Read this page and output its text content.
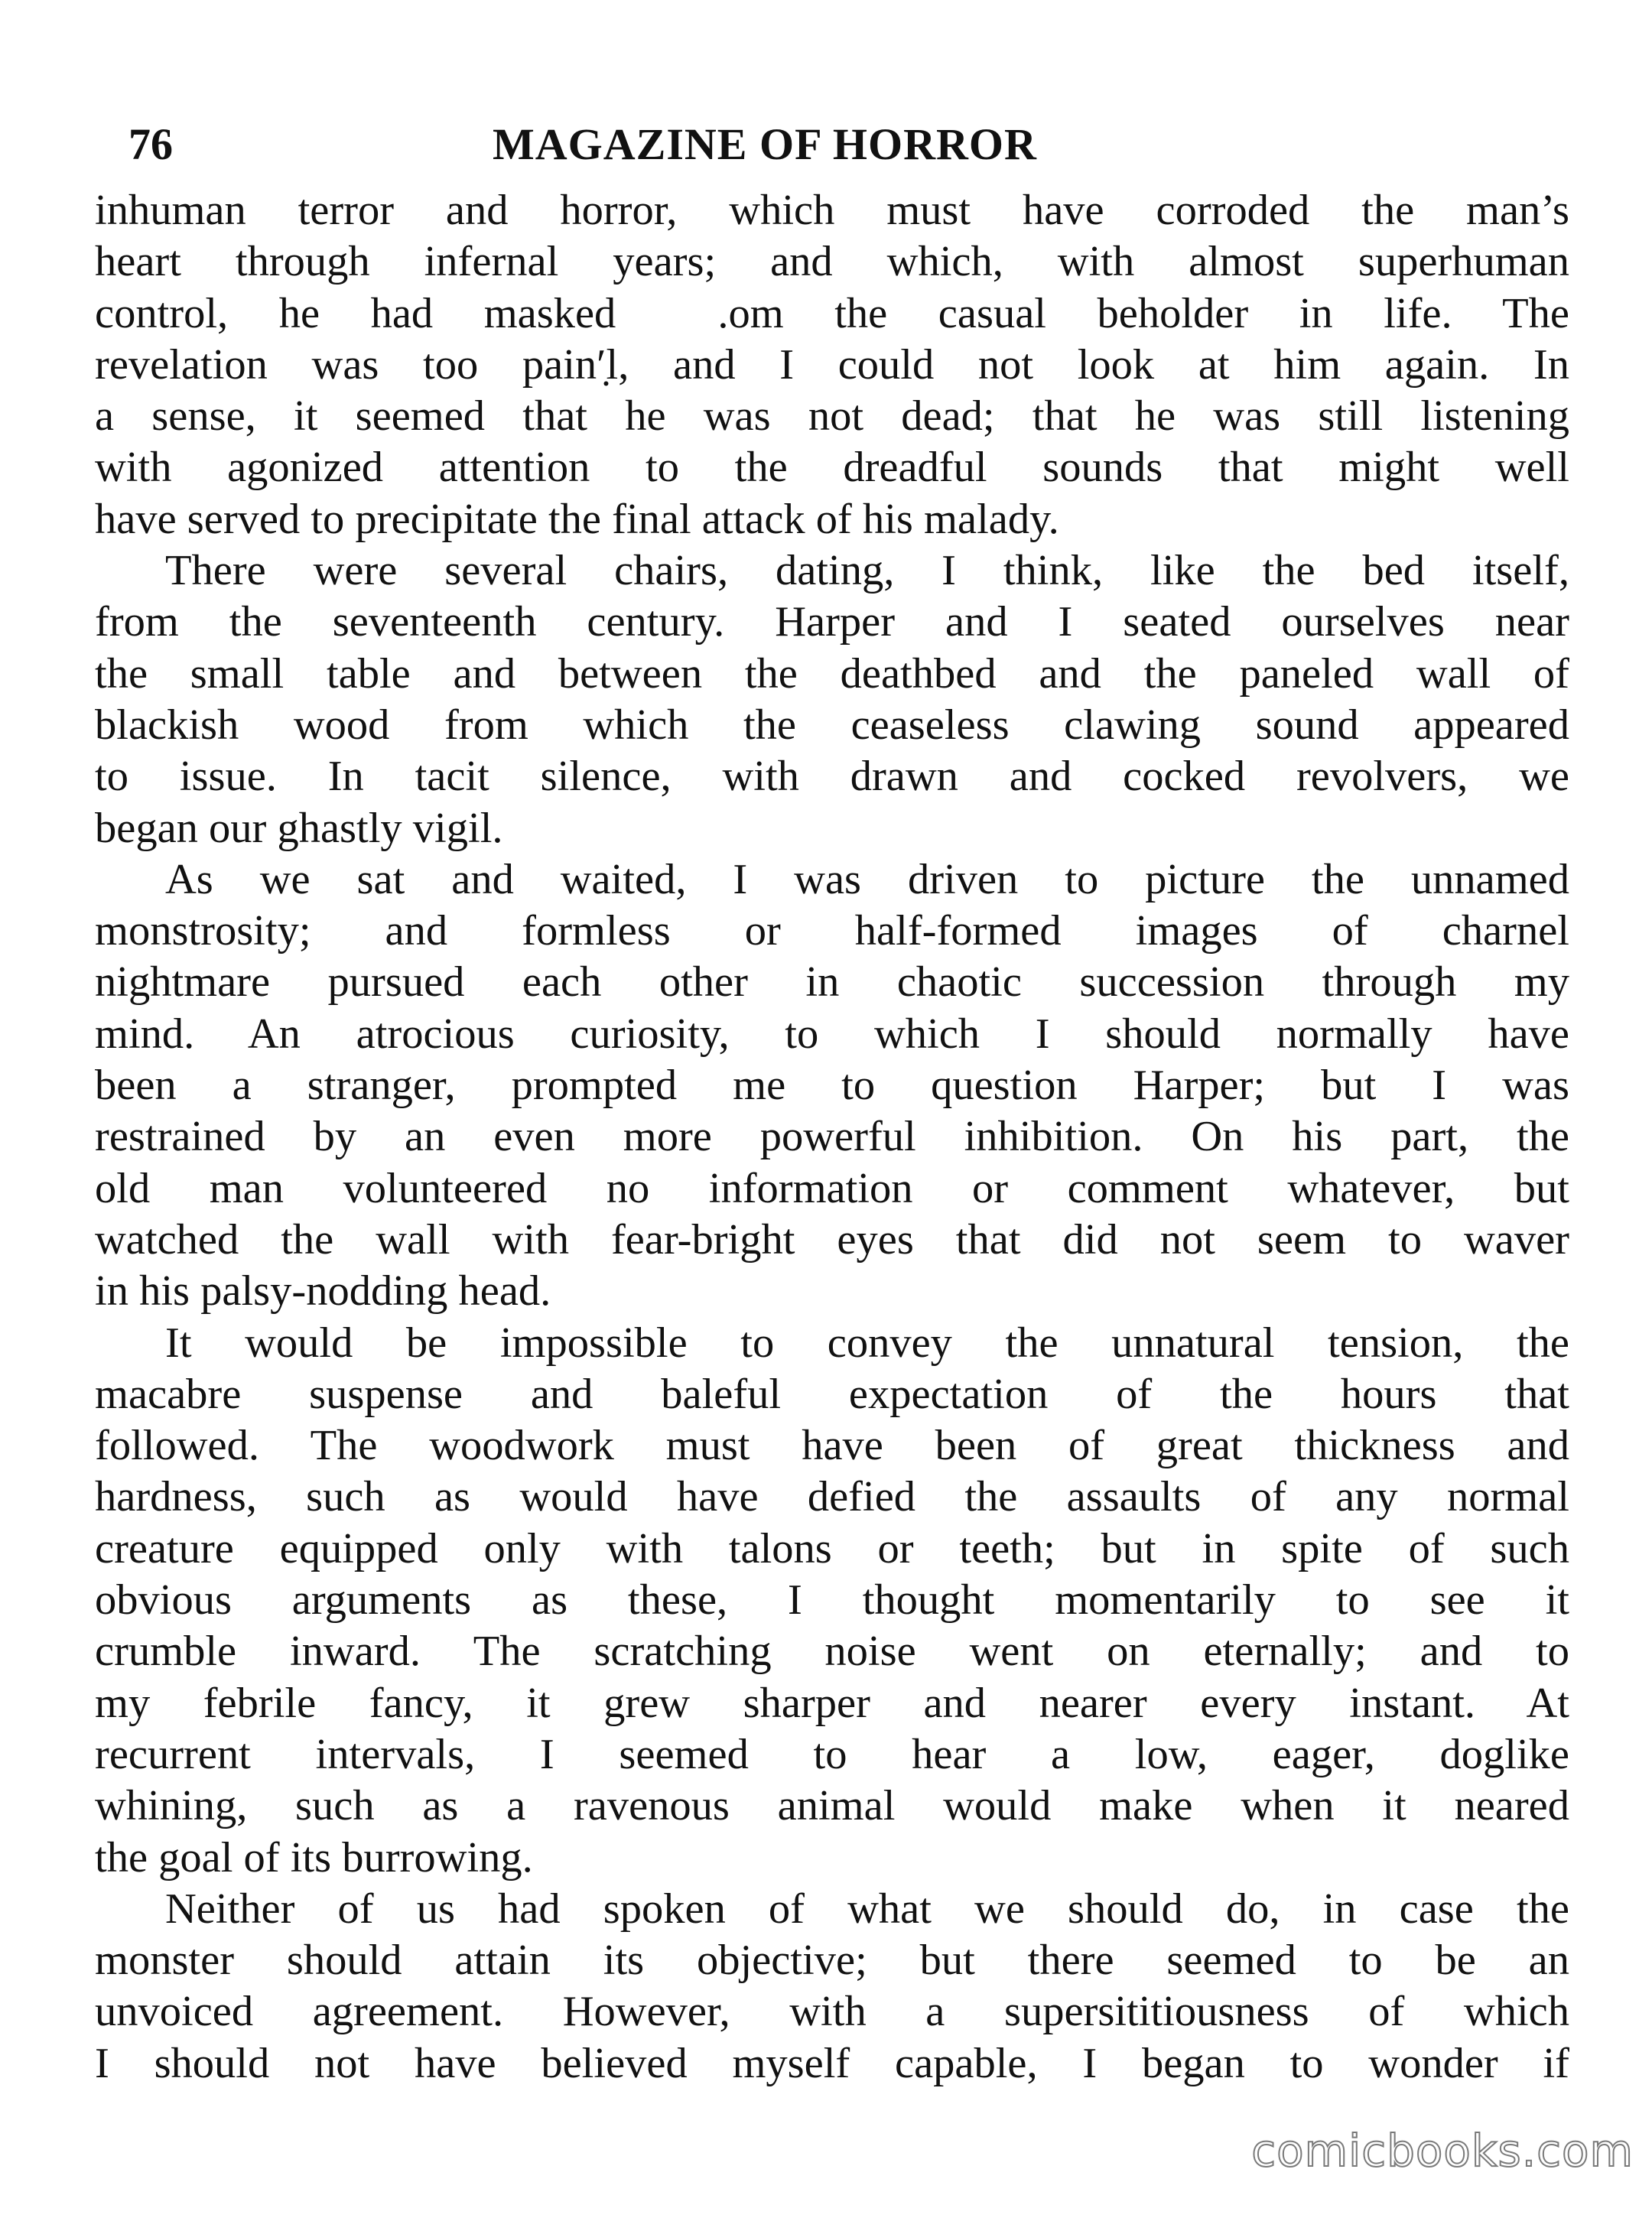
76	MAGAZINE OF HORROR

inhuman terror and horror, which must have corroded the man’s
heart through infernal years; and which, with almost superhuman
control, he had masked  .om the casual beholder in life. The
revelation was too pain′̣l, and I could not look at him again. In
a sense, it seemed that he was not dead; that he was still listening
with agonized attention to the dreadful sounds that might well
have served to precipitate the final attack of his malady.

There were several chairs, dating, I think, like the bed itself,
from the seventeenth century. Harper and I seated ourselves near
the small table and between the deathbed and the paneled wall of
blackish wood from which the ceaseless clawing sound appeared
to issue. In tacit silence, with drawn and cocked revolvers, we
began our ghastly vigil.

As we sat and waited, I was driven to picture the unnamed
monstrosity; and formless or half-formed images of charnel
nightmare pursued each other in chaotic succession through my
mind. An atrocious curiosity, to which I should normally have
been a stranger, prompted me to question Harper; but I was
restrained by an even more powerful inhibition. On his part, the
old man volunteered no information or comment whatever, but
watched the wall with fear-bright eyes that did not seem to waver
in his palsy-nodding head.

It would be impossible to convey the unnatural tension, the
macabre suspense and baleful expectation of the hours that
followed. The woodwork must have been of great thickness and
hardness, such as would have defied the assaults of any normal
creature equipped only with talons or teeth; but in spite of such
obvious arguments as these, I thought momentarily to see it
crumble inward. The scratching noise went on eternally; and to
my febrile fancy, it grew sharper and nearer every instant. At
recurrent intervals, I seemed to hear a low, eager, doglike
whining, such as a ravenous animal would make when it neared
the goal of its burrowing.

Neither of us had spoken of what we should do, in case the
monster should attain its objective; but there seemed to be an
unvoiced agreement. However, with a supersititiousness of which
I should not have believed myself capable, I began to wonder if

comicbooks.com
